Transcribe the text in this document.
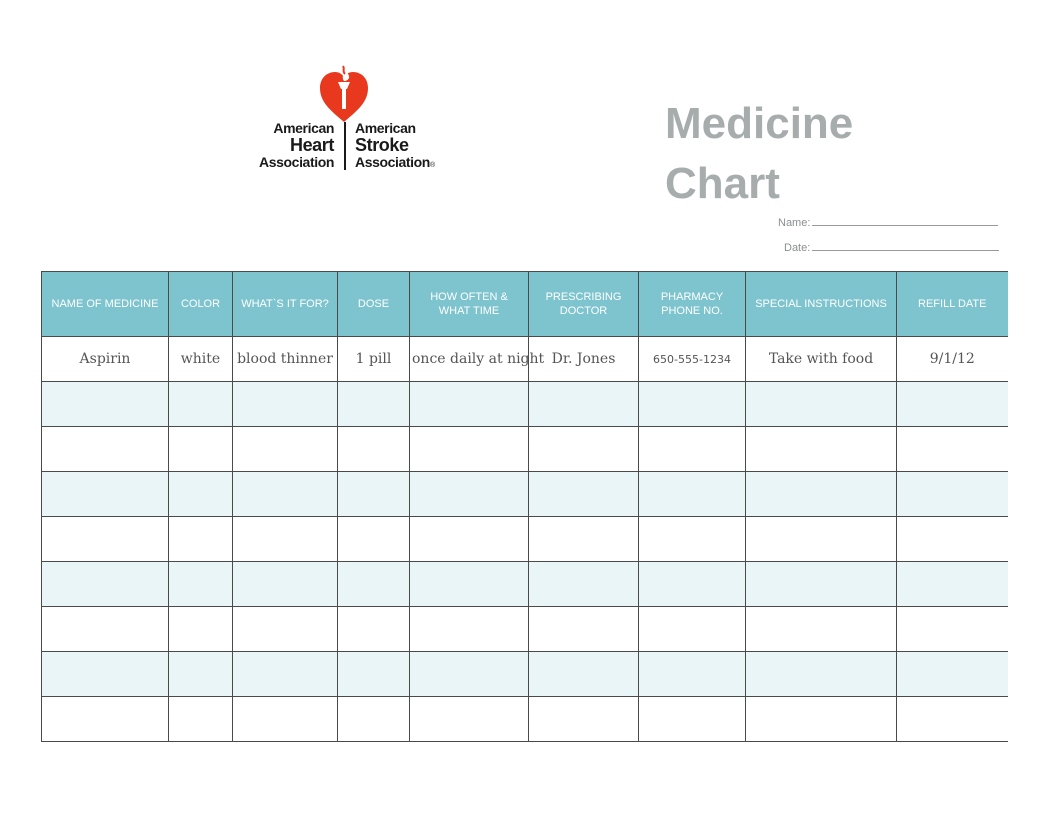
American
Heart
Association
American
Stroke
Association®
Medicine
Chart
Name:
Date:
NAME OF MEDICINE	COLOR	WHAT`S IT FOR?	DOSE	HOW OFTEN & WHAT TIME	PRESCRIBING DOCTOR	PHARMACY PHONE NO.	SPECIAL INSTRUCTIONS	REFILL DATE
Aspirin	white	blood thinner	1 pill	once daily at night	Dr. Jones	650-555-1234	Take with food	9/1/12
